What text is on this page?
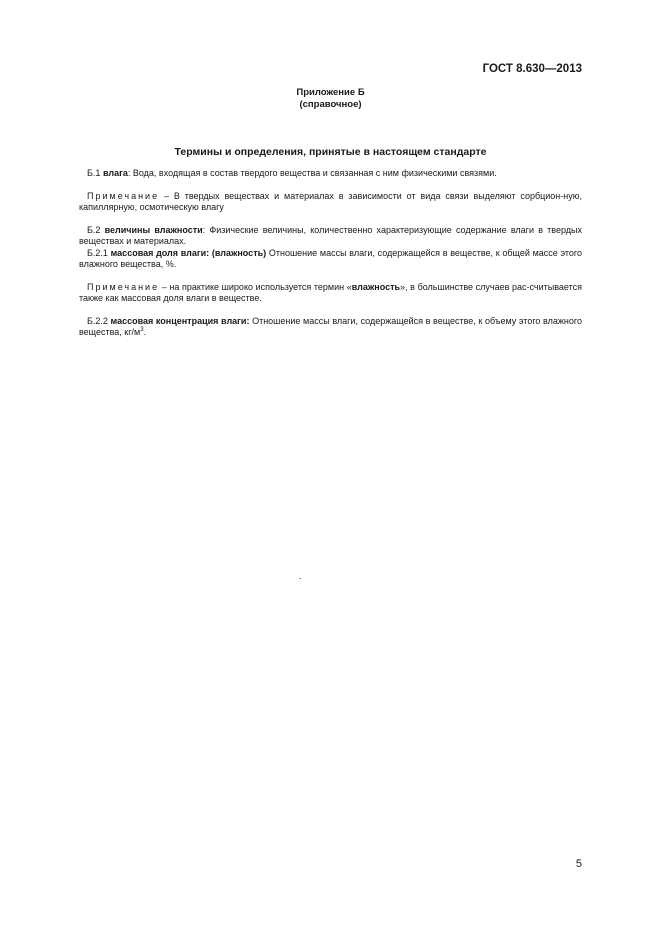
ГОСТ 8.630—2013
Приложение Б
(справочное)
Термины и определения, принятые в настоящем стандарте

Б.1 влага: Вода, входящая в состав твердого вещества и связанная с ним физическими связями.

Примечание – В твердых веществах и материалах в зависимости от вида связи выделяют сорбцион-ную, капиллярную, осмотическую влагу

Б.2 величины влажности: Физические величины, количественно характеризующие содержание влаги в твердых веществах и материалах.

Б.2.1 массовая доля влаги: (влажность) Отношение массы влаги, содержащейся в веществе, к общей массе этого влажного вещества, %.

Примечание – на практике широко используется термин «влажность», в большинстве случаев рас-считывается также как массовая доля влаги в веществе.

Б.2.2 массовая концентрация влаги: Отношение массы влаги, содержащейся в веществе, к объему этого влажного вещества, $кг/м^3$.

.
5
